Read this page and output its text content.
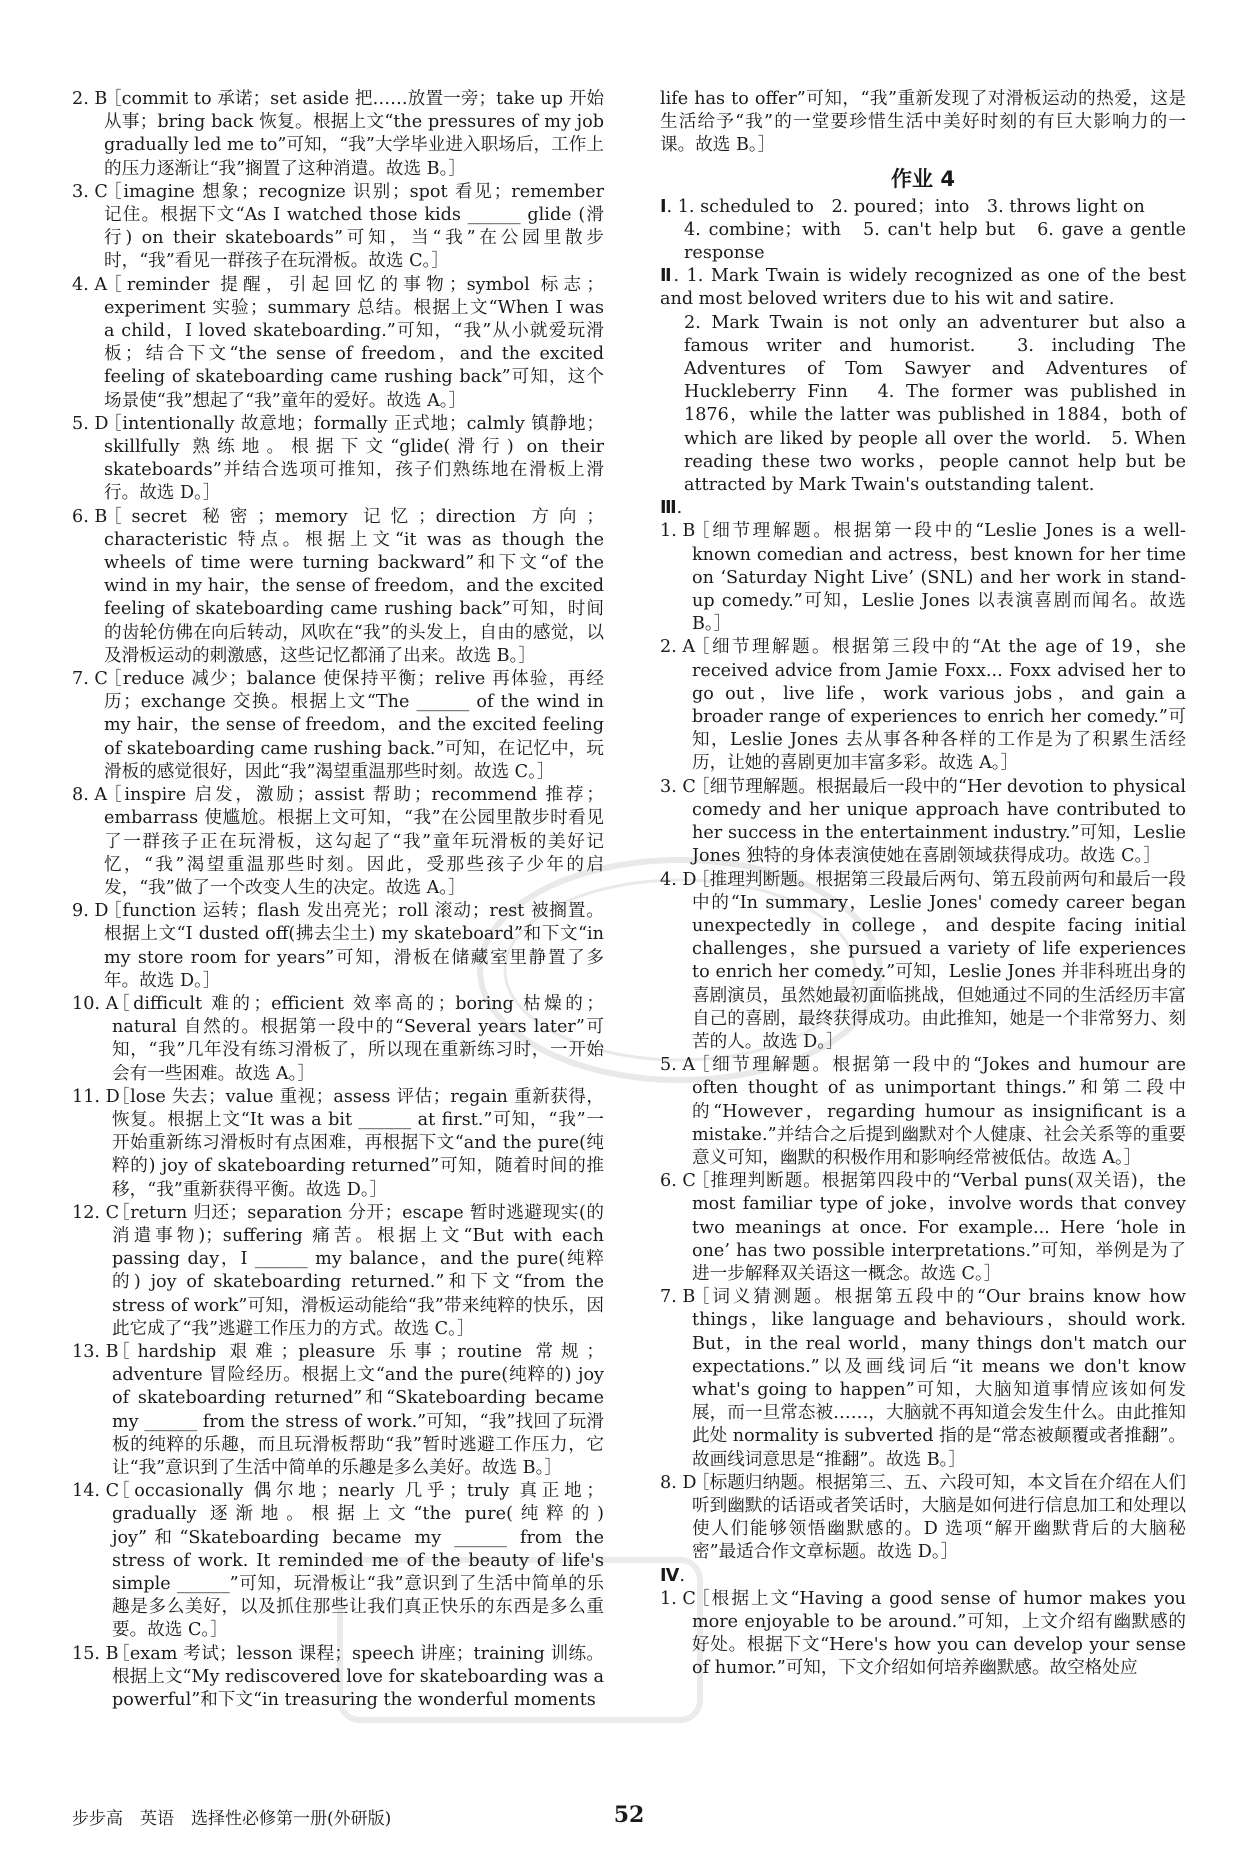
2. B
［commit to 承诺；set aside 把……放置一旁；take up 开始从事；bring back 恢复。根据上文“the pressures of my job gradually led me to”可知，“我”大学毕业进入职场后，工作上的压力逐渐让“我”搁置了这种消遣。故选 B。］

3. C
［imagine 想象；recognize 识别；spot 看见；remember 记住。根据下文“As I watched those kids ______ glide (滑行) on their skateboards”可知，当“我”在公园里散步时，“我”看见一群孩子在玩滑板。故选 C。］

4. A
［reminder 提醒，引起回忆的事物；symbol 标志；experiment 实验；summary 总结。根据上文“When I was a child，I loved skateboarding.”可知，“我”从小就爱玩滑板；结合下文“the sense of freedom，and the excited feeling of skateboarding came rushing back”可知，这个场景使“我”想起了“我”童年的爱好。故选 A。］

5. D
［intentionally 故意地；formally 正式地；calmly 镇静地；skillfully 熟练地。根据下文“glide(滑行) on their skateboards”并结合选项可推知，孩子们熟练地在滑板上滑行。故选 D。］

6. B
［secret 秘密；memory 记忆；direction 方向；characteristic 特点。根据上文“it was as though the wheels of time were turning backward”和下文“of the wind in my hair，the sense of freedom，and the excited feeling of skateboarding came rushing back”可知，时间的齿轮仿佛在向后转动，风吹在“我”的头发上，自由的感觉，以及滑板运动的刺激感，这些记忆都涌了出来。故选 B。］

7. C
［reduce 减少；balance 使保持平衡；relive 再体验，再经历；exchange 交换。根据上文“The ______ of the wind in my hair，the sense of freedom，and the excited feeling of skateboarding came rushing back.”可知，在记忆中，玩滑板的感觉很好，因此“我”渴望重温那些时刻。故选 C。］

8. A
［inspire 启发，激励；assist 帮助；recommend 推荐；embarrass 使尴尬。根据上文可知，“我”在公园里散步时看见了一群孩子正在玩滑板，这勾起了“我”童年玩滑板的美好记忆，“我”渴望重温那些时刻。因此，受那些孩子少年的启发，“我”做了一个改变人生的决定。故选 A。］

9. D
［function 运转；flash 发出亮光；roll 滚动；rest 被搁置。根据上文“I dusted off(拂去尘土) my skateboard”和下文“in my store room for years”可知，滑板在储藏室里静置了多年。故选 D。］

10. A
［difficult 难的；efficient 效率高的；boring 枯燥的；natural 自然的。根据第一段中的“Several years later”可知，“我”几年没有练习滑板了，所以现在重新练习时，一开始会有一些困难。故选 A。］

11. D
［lose 失去；value 重视；assess 评估；regain 重新获得，恢复。根据上文“It was a bit ______ at first.”可知，“我”一开始重新练习滑板时有点困难，再根据下文“and the pure(纯粹的) joy of skateboarding returned”可知，随着时间的推移，“我”重新获得平衡。故选 D。］

12. C
［return 归还；separation 分开；escape 暂时逃避现实(的消遣事物)；suffering 痛苦。根据上文“But with each passing day，I ______ my balance，and the pure(纯粹的) joy of skateboarding returned.”和下文“from the stress of work”可知，滑板运动能给“我”带来纯粹的快乐，因此它成了“我”逃避工作压力的方式。故选 C。］

13. B
［hardship 艰难；pleasure 乐事；routine 常规；adventure 冒险经历。根据上文“and the pure(纯粹的) joy of skateboarding returned”和“Skateboarding became my ______ from the stress of work.”可知，“我”找回了玩滑板的纯粹的乐趣，而且玩滑板帮助“我”暂时逃避工作压力，它让“我”意识到了生活中简单的乐趣是多么美好。故选 B。］

14. C
［occasionally 偶尔地；nearly 几乎；truly 真正地；gradually 逐渐地。根据上文“the pure(纯粹的) joy”和“Skateboarding became my ______ from the stress of work. It reminded me of the beauty of life's simple ______”可知，玩滑板让“我”意识到了生活中简单的乐趣是多么美好，以及抓住那些让我们真正快乐的东西是多么重要。故选 C。］

15. B
［exam 考试；lesson 课程；speech 讲座；training 训练。根据上文“My rediscovered love for skateboarding was a powerful”和下文“in treasuring the wonderful moments

life has to offer”可知，“我”重新发现了对滑板运动的热爱，这是生活给予“我”的一堂要珍惜生活中美好时刻的有巨大影响力的一课。故选 B。］

作业 4

Ⅰ. 1. scheduled to　2. poured；into　3. throws light on

4. combine；with　5. can't help but　6. gave a gentle response

Ⅱ. 1. Mark Twain is widely recognized as one of the best and most beloved writers due to his wit and satire.

2. Mark Twain is not only an adventurer but also a famous writer and humorist.　3. including The Adventures of Tom Sawyer and Adventures of Huckleberry Finn　4. The former was published in 1876，while the latter was published in 1884，both of which are liked by people all over the world.　5. When reading these two works，people cannot help but be attracted by Mark Twain's outstanding talent.

Ⅲ.

1. B
［细节理解题。根据第一段中的“Leslie Jones is a well-known comedian and actress，best known for her time on ‘Saturday Night Live’ (SNL) and her work in stand-up comedy.”可知，Leslie Jones 以表演喜剧而闻名。故选 B。］

2. A
［细节理解题。根据第三段中的“At the age of 19，she received advice from Jamie Foxx... Foxx advised her to go out，live life，work various jobs，and gain a broader range of experiences to enrich her comedy.”可知，Leslie Jones 去从事各种各样的工作是为了积累生活经历，让她的喜剧更加丰富多彩。故选 A。］

3. C
［细节理解题。根据最后一段中的“Her devotion to physical comedy and her unique approach have contributed to her success in the entertainment industry.”可知，Leslie Jones 独特的身体表演使她在喜剧领域获得成功。故选 C。］

4. D
［推理判断题。根据第三段最后两句、第五段前两句和最后一段中的“In summary，Leslie Jones' comedy career began unexpectedly in college，and despite facing initial challenges，she pursued a variety of life experiences to enrich her comedy.”可知，Leslie Jones 并非科班出身的喜剧演员，虽然她最初面临挑战，但她通过不同的生活经历丰富自己的喜剧，最终获得成功。由此推知，她是一个非常努力、刻苦的人。故选 D。］

5. A
［细节理解题。根据第一段中的“Jokes and humour are often thought of as unimportant things.”和第二段中的“However，regarding humour as insignificant is a mistake.”并结合之后提到幽默对个人健康、社会关系等的重要意义可知，幽默的积极作用和影响经常被低估。故选 A。］

6. C
［推理判断题。根据第四段中的“Verbal puns(双关语)，the most familiar type of joke，involve words that convey two meanings at once. For example... Here ‘hole in one’ has two possible interpretations.”可知，举例是为了进一步解释双关语这一概念。故选 C。］

7. B
［词义猜测题。根据第五段中的“Our brains know how things，like language and behaviours，should work. But，in the real world，many things don't match our expectations.”以及画线词后“it means we don't know what's going to happen”可知，大脑知道事情应该如何发展，而一旦常态被……，大脑就不再知道会发生什么。由此推知此处 normality is subverted 指的是“常态被颠覆或者推翻”。故画线词意思是“推翻”。故选 B。］

8. D
［标题归纳题。根据第三、五、六段可知，本文旨在介绍在人们听到幽默的话语或者笑话时，大脑是如何进行信息加工和处理以使人们能够领悟幽默感的。D 选项“解开幽默背后的大脑秘密”最适合作文章标题。故选 D。］

Ⅳ.

1. C
［根据上文“Having a good sense of humor makes you more enjoyable to be around.”可知，上文介绍有幽默感的好处。根据下文“Here's how you can develop your sense of humor.”可知，下文介绍如何培养幽默感。故空格处应

步步高　英语　选择性必修第一册(外研版)	52
